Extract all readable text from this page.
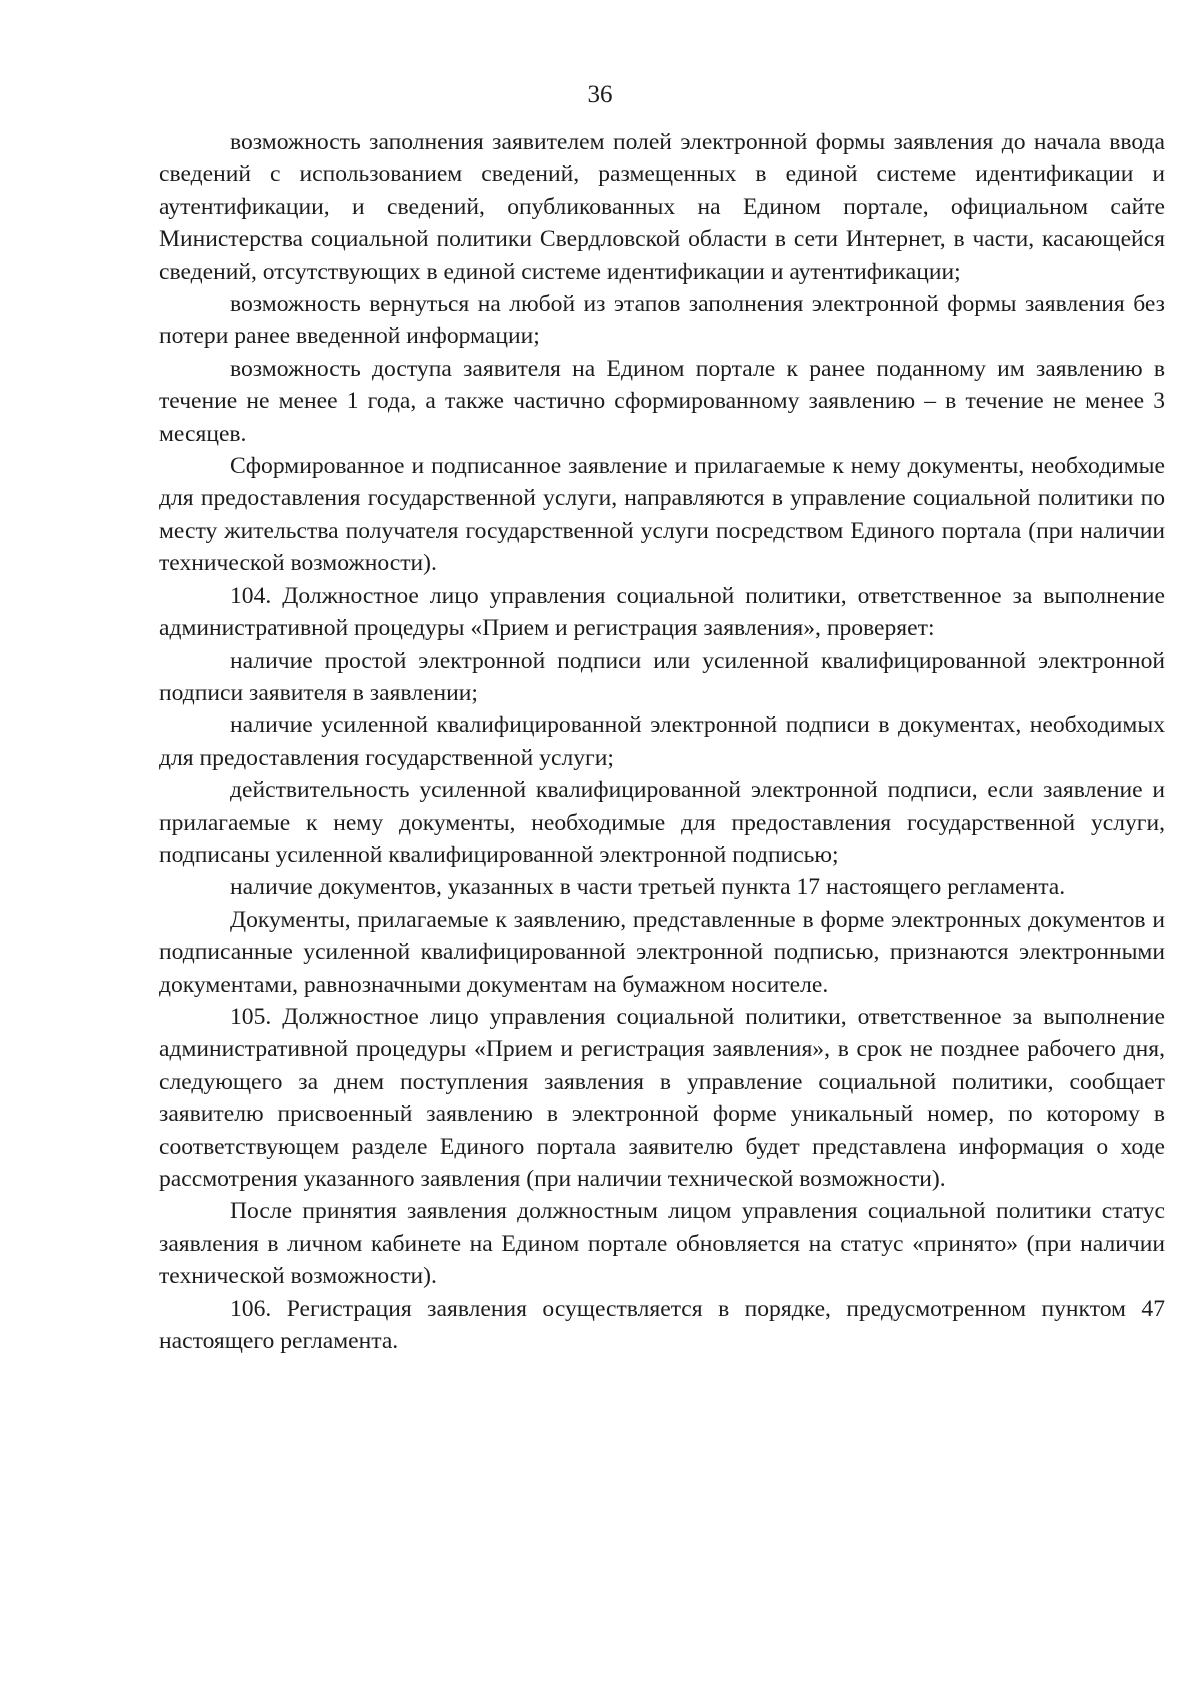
36

возможность заполнения заявителем полей электронной формы заявления до начала ввода сведений с использованием сведений, размещенных в единой системе идентификации и аутентификации, и сведений, опубликованных на Едином портале, официальном сайте Министерства социальной политики Свердловской области в сети Интернет, в части, касающейся сведений, отсутствующих в единой системе идентификации и аутентификации;

возможность вернуться на любой из этапов заполнения электронной формы заявления без потери ранее введенной информации;

возможность доступа заявителя на Едином портале к ранее поданному им заявлению в течение не менее 1 года, а также частично сформированному заявлению – в течение не менее 3 месяцев.

Сформированное и подписанное заявление и прилагаемые к нему документы, необходимые для предоставления государственной услуги, направляются в управление социальной политики по месту жительства получателя государственной услуги посредством Единого портала (при наличии технической возможности).

104. Должностное лицо управления социальной политики, ответственное за выполнение административной процедуры «Прием и регистрация заявления», проверяет:

наличие простой электронной подписи или усиленной квалифицированной электронной подписи заявителя в заявлении;

наличие усиленной квалифицированной электронной подписи в документах, необходимых для предоставления государственной услуги;

действительность усиленной квалифицированной электронной подписи, если заявление и прилагаемые к нему документы, необходимые для предоставления государственной услуги, подписаны усиленной квалифицированной электронной подписью;

наличие документов, указанных в части третьей пункта 17 настоящего регламента.

Документы, прилагаемые к заявлению, представленные в форме электронных документов и подписанные усиленной квалифицированной электронной подписью, признаются электронными документами, равнозначными документам на бумажном носителе.

105. Должностное лицо управления социальной политики, ответственное за выполнение административной процедуры «Прием и регистрация заявления», в срок не позднее рабочего дня, следующего за днем поступления заявления в управление социальной политики, сообщает заявителю присвоенный заявлению в электронной форме уникальный номер, по которому в соответствующем разделе Единого портала заявителю будет представлена информация о ходе рассмотрения указанного заявления (при наличии технической возможности).

После принятия заявления должностным лицом управления социальной политики статус заявления в личном кабинете на Едином портале обновляется на статус «принято» (при наличии технической возможности).

106. Регистрация заявления осуществляется в порядке, предусмотренном пунктом 47 настоящего регламента.
